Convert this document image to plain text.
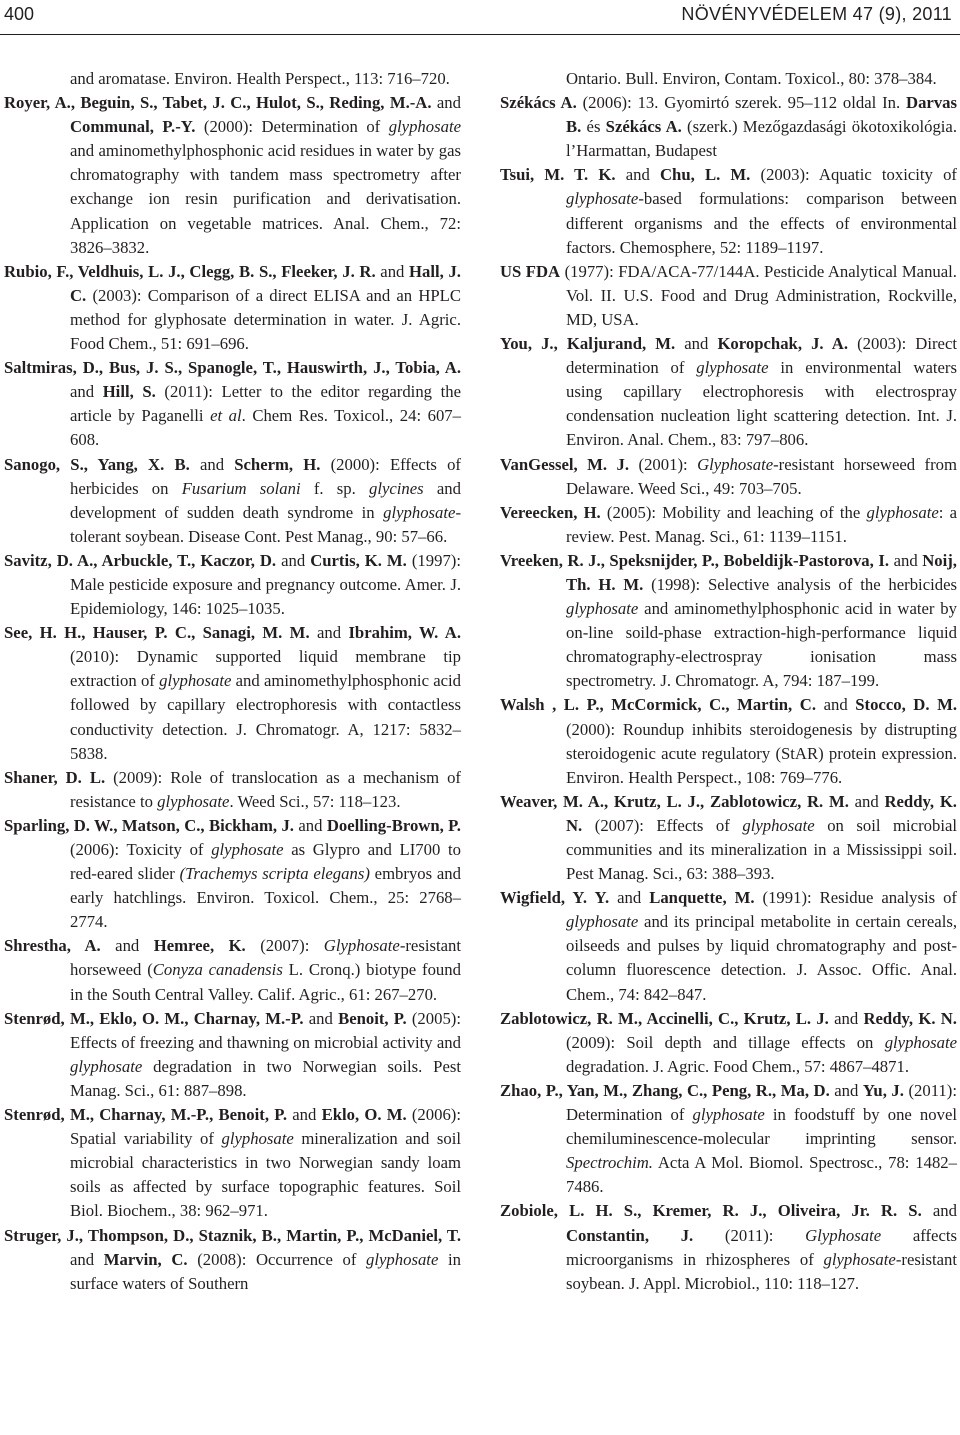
400	NÖVÉNYVÉDELEM 47 (9), 2011
and aromatase. Environ. Health Perspect., 113: 716–720.
Royer, A., Beguin, S., Tabet, J. C., Hulot, S., Reding, M.-A. and Communal, P.-Y. (2000): Determination of glyphosate and aminomethylphosphonic acid residues in water by gas chromatography with tandem mass spectrometry after exchange ion resin purification and derivatisation. Application on vegetable matrices. Anal. Chem., 72: 3826–3832.
Rubio, F., Veldhuis, L. J., Clegg, B. S., Fleeker, J. R. and Hall, J. C. (2003): Comparison of a direct ELISA and an HPLC method for glyphosate determination in water. J. Agric. Food Chem., 51: 691–696.
Saltmiras, D., Bus, J. S., Spanogle, T., Hauswirth, J., Tobia, A. and Hill, S. (2011): Letter to the editor regarding the article by Paganelli et al. Chem Res. Toxicol., 24: 607–608.
Sanogo, S., Yang, X. B. and Scherm, H. (2000): Effects of herbicides on Fusarium solani f. sp. glycines and development of sudden death syndrome in glyphosate-tolerant soybean. Disease Cont. Pest Manag., 90: 57–66.
Savitz, D. A., Arbuckle, T., Kaczor, D. and Curtis, K. M. (1997): Male pesticide exposure and pregnancy outcome. Amer. J. Epidemiology, 146: 1025–1035.
See, H. H., Hauser, P. C., Sanagi, M. M. and Ibrahim, W. A. (2010): Dynamic supported liquid membrane tip extraction of glyphosate and aminomethylphosphonic acid followed by capillary electrophoresis with contactless conductivity detection. J. Chromatogr. A, 1217: 5832–5838.
Shaner, D. L. (2009): Role of translocation as a mechanism of resistance to glyphosate. Weed Sci., 57: 118–123.
Sparling, D. W., Matson, C., Bickham, J. and Doelling-Brown, P. (2006): Toxicity of glyphosate as Glypro and LI700 to red-eared slider (Trachemys scripta elegans) embryos and early hatchlings. Environ. Toxicol. Chem., 25: 2768–2774.
Shrestha, A. and Hemree, K. (2007): Glyphosate-resistant horseweed (Conyza canadensis L. Cronq.) biotype found in the South Central Valley. Calif. Agric., 61: 267–270.
Stenrød, M., Eklo, O. M., Charnay, M.-P. and Benoit, P. (2005): Effects of freezing and thawning on microbial activity and glyphosate degradation in two Norwegian soils. Pest Manag. Sci., 61: 887–898.
Stenrød, M., Charnay, M.-P., Benoit, P. and Eklo, O. M. (2006): Spatial variability of glyphosate mineralization and soil microbial characteristics in two Norwegian sandy loam soils as affected by surface topographic features. Soil Biol. Biochem., 38: 962–971.
Struger, J., Thompson, D., Staznik, B., Martin, P., McDaniel, T. and Marvin, C. (2008): Occurrence of glyphosate in surface waters of Southern
Ontario. Bull. Environ, Contam. Toxicol., 80: 378–384.
Székács A. (2006): 13. Gyomirtó szerek. 95–112 oldal In. Darvas B. és Székács A. (szerk.) Mezőgazdasági ökotoxikológia. l’Harmattan, Budapest
Tsui, M. T. K. and Chu, L. M. (2003): Aquatic toxicity of glyphosate-based formulations: comparison between different organisms and the effects of environmental factors. Chemosphere, 52: 1189–1197.
US FDA (1977): FDA/ACA-77/144A. Pesticide Analytical Manual. Vol. II. U.S. Food and Drug Administration, Rockville, MD, USA.
You, J., Kaljurand, M. and Koropchak, J. A. (2003): Direct determination of glyphosate in environmental waters using capillary electrophoresis with electrospray condensation nucleation light scattering detection. Int. J. Environ. Anal. Chem., 83: 797–806.
VanGessel, M. J. (2001): Glyphosate-resistant horseweed from Delaware. Weed Sci., 49: 703–705.
Vereecken, H. (2005): Mobility and leaching of the glyphosate: a review. Pest. Manag. Sci., 61: 1139–1151.
Vreeken, R. J., Speksnijder, P., Bobeldijk-Pastorova, I. and Noij, Th. H. M. (1998): Selective analysis of the herbicides glyphosate and aminomethylphosphonic acid in water by on-line soild-phase extraction-high-performance liquid chromatography-electrospray ionisation mass spectrometry. J. Chromatogr. A, 794: 187–199.
Walsh , L. P., McCormick, C., Martin, C. and Stocco, D. M. (2000): Roundup inhibits steroidogenesis by distrupting steroidogenic acute regulatory (StAR) protein expression. Environ. Health Perspect., 108: 769–776.
Weaver, M. A., Krutz, L. J., Zablotowicz, R. M. and Reddy, K. N. (2007): Effects of glyphosate on soil microbial communities and its mineralization in a Mississippi soil. Pest Manag. Sci., 63: 388–393.
Wigfield, Y. Y. and Lanquette, M. (1991): Residue analysis of glyphosate and its principal metabolite in certain cereals, oilseeds and pulses by liquid chromatography and post-column fluorescence detection. J. Assoc. Offic. Anal. Chem., 74: 842–847.
Zablotowicz, R. M., Accinelli, C., Krutz, L. J. and Reddy, K. N. (2009): Soil depth and tillage effects on glyphosate degradation. J. Agric. Food Chem., 57: 4867–4871.
Zhao, P., Yan, M., Zhang, C., Peng, R., Ma, D. and Yu, J. (2011): Determination of glyphosate in foodstuff by one novel chemiluminescence-molecular imprinting sensor. Spectrochim. Acta A Mol. Biomol. Spectrosc., 78: 1482–7486.
Zobiole, L. H. S., Kremer, R. J., Oliveira, Jr. R. S. and Constantin, J. (2011): Glyphosate affects microorganisms in rhizospheres of glyphosate-resistant soybean. J. Appl. Microbiol., 110: 118–127.
